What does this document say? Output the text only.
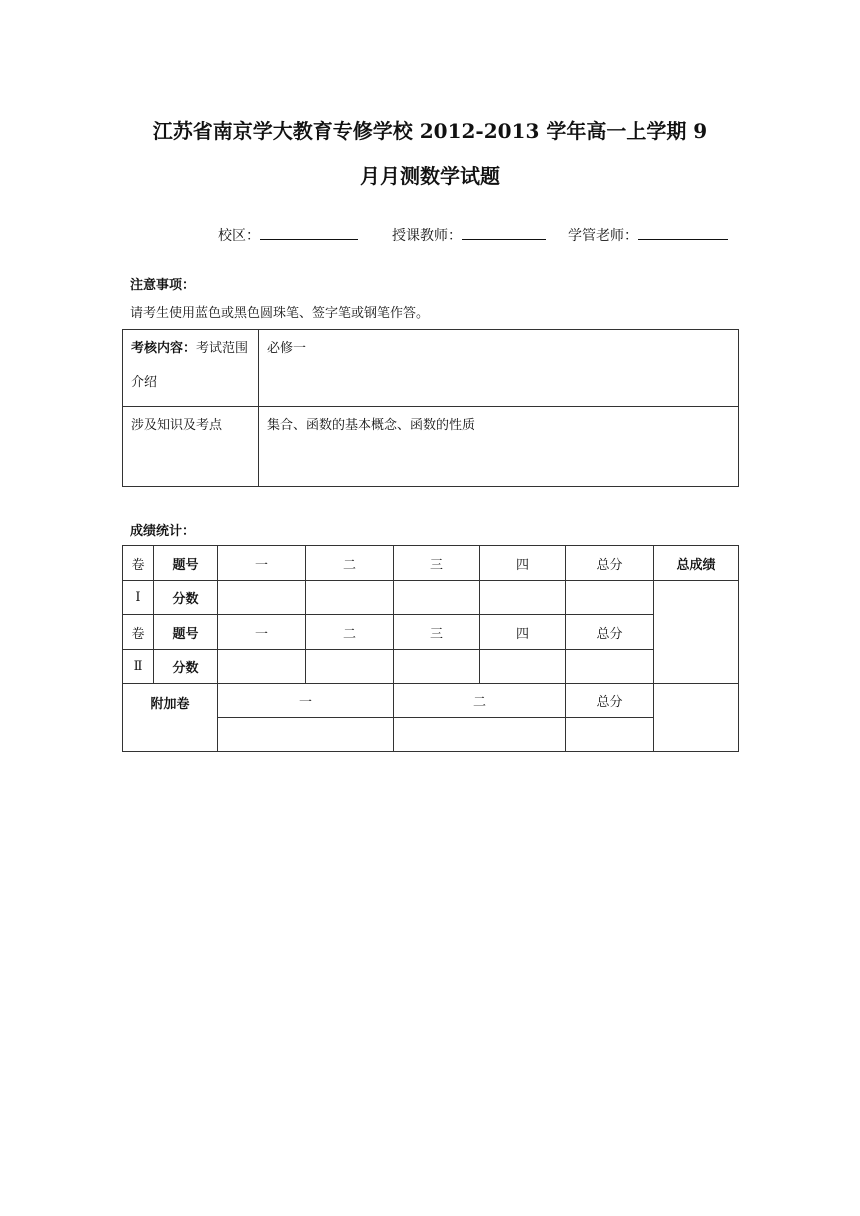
江苏省南京学大教育专修学校 2012-2013 学年高一上学期 9
月月测数学试题
校区：	授课教师：	学管老师：
注意事项：
请考生使用蓝色或黑色圆珠笔、签字笔或钢笔作答。
考核内容：考试范围介绍	必修一
涉及知识及考点	集合、函数的基本概念、函数的性质
成绩统计：
卷	题号	一	二	三	四	总分	总成绩
Ⅰ	分数						
卷	题号	一	二	三	四	总分	
Ⅱ	分数						
附加卷		一		二		总分	
